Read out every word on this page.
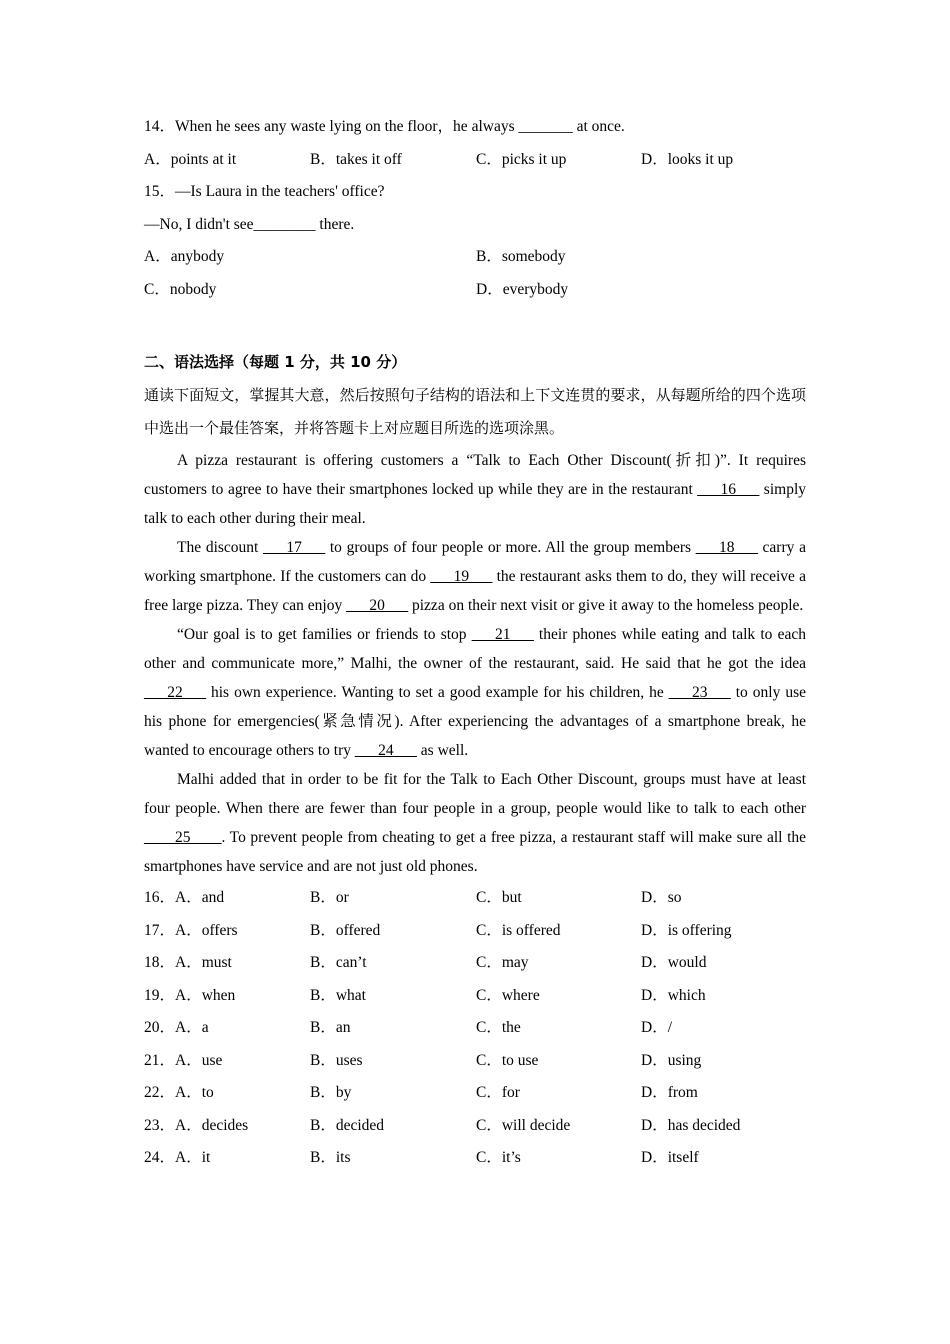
14．When he sees any waste lying on the floor，he always _______ at once.
A．points at it	B．takes it off	C．picks it up	D．looks it up
15．—Is Laura in the teachers' office?
—No, I didn't see________ there.
A．anybody	B．somebody
C．nobody	D．everybody
二、语法选择（每题 1 分，共 10 分）
通读下面短文，掌握其大意，然后按照句子结构的语法和上下文连贯的要求，从每题所给的四个选项中选出一个最佳答案，并将答题卡上对应题目所选的选项涂黑。

A pizza restaurant is offering customers a “Talk to Each Other Discount(折扣)”. It requires customers to agree to have their smartphones locked up while they are in the restaurant ___16___ simply talk to each other during their meal.

The discount ___17___ to groups of four people or more. All the group members ___18___ carry a working smartphone. If the customers can do ___19___ the restaurant asks them to do, they will receive a free large pizza. They can enjoy ___20___ pizza on their next visit or give it away to the homeless people.

“Our goal is to get families or friends to stop ___21___ their phones while eating and talk to each other and communicate more,” Malhi, the owner of the restaurant, said. He said that he got the idea ___22___ his own experience. Wanting to set a good example for his children, he ___23___ to only use his phone for emergencies(紧急情况). After experiencing the advantages of a smartphone break, he wanted to encourage others to try ___24___ as well.

Malhi added that in order to be fit for the Talk to Each Other Discount, groups must have at least four people. When there are fewer than four people in a group, people would like to talk to each other ____25____. To prevent people from cheating to get a free pizza, a restaurant staff will make sure all the smartphones have service and are not just old phones.

16．A．and	B．or	C．but	D．so
17．A．offers	B．offered	C．is offered	D．is offering
18．A．must	B．can’t	C．may	D．would
19．A．when	B．what	C．where	D．which
20．A．a	B．an	C．the	D．/
21．A．use	B．uses	C．to use	D．using
22．A．to	B．by	C．for	D．from
23．A．decides	B．decided	C．will decide	D．has decided
24．A．it	B．its	C．it’s	D．itself
